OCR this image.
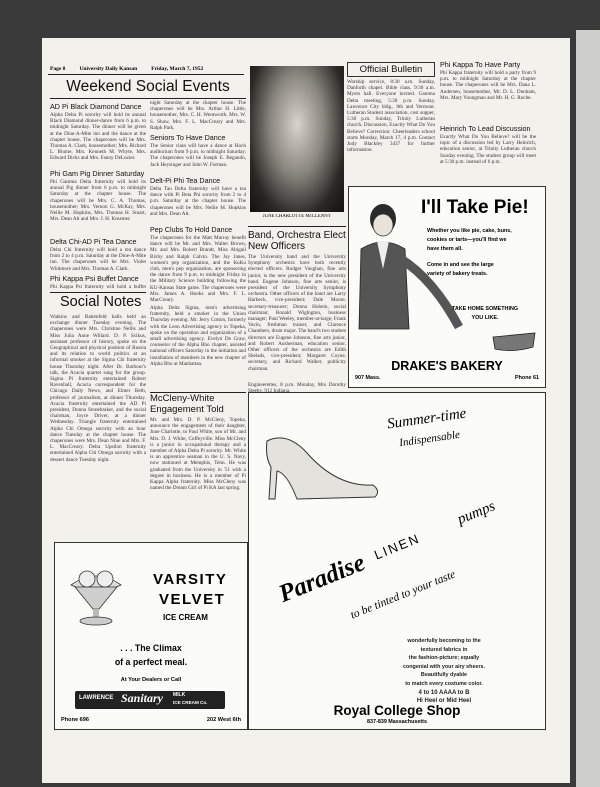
Page 8	University Daily Kansan	Friday, March 7, 1952
Weekend Social Events
AD Pi Black Diamond Dance

Alpha Delta Pi sorority will hold its annual Black Diamond dinner-dance from 6 p.m. to midnight Saturday. The dinner will be given at the Dine-A-Mite inn and the dance at the chapter house. The chaperones will be Mrs. Thomas A. Clark, housemother; Mrs. Richard L. Blume, Mrs. Kenneth M. Whyte, Mrs. Edward Dicks and Mrs. Fanny DeLozier.

Phi Gam Pig Dinner Saturday

Phi Gamma Delta fraternity will hold its annual Pig dinner from 6 p.m. to midnight Saturday at the chapter house. The chaperones will be Mrs. C. A. Thomas, housemother; Mrs. Vernon G. McKay, Mrs. Nellie M. Hopkins, Mrs. Thomas H. Stuart, Mrs. Dean Alt and Mrs. J. H. Kreamer.

Delta Chi-AD Pi Tea Dance

Delta Chi fraternity will hold a tea dance from 2 to 4 p.m. Saturday at the Dine-A-Mite inn. The chaperones will be Mrs. Violet Whitmore and Mrs. Thomas A. Clark.

Phi Kappa Psi Buffet Dance

Phi Kappa Psi fraternity will hold a buffet

Social Notes

Watkins and Battenfeld halls held an exchange dinner Tuesday evening. The chaperones were Mrs. Christine Nellis and Miss Julia Anne Willard. D. P. Scikus, assistant professor of history, spoke on the Geographical and physical position of Russia and its relation to world politics at an informal smoker at the Sigma Chi fraternity house Thursday night. After Dr. Barbour's talk, the Acacia quartet sang for the group. Sigma Pi fraternity entertained Robert Ravenhall, Acacia correspondent for the Chicago Daily News, and Elmer Beth, professor of journalism, at dinner Thursday. Acacia fraternity entertained the AD Pi president, Donna Stonebraker, and the social chairman, Joyce Driver, at a dinner Wednesday. Triangle fraternity entertained Alpha Chi Omega sorority with an hour dance Tuesday at the chapter house. The chaperones were Mrs. Dean Nine and Mrs. F. L. MacCreary. Delta Upsilon fraternity entertained Alpha Chi Omega sorority with a dessert dance Tuesday night.

night Saturday at the chapter house. The chaperones will be Mrs. Arthur H. Little, housemother, Mrs. C. H. Wentworth, Mrs. W. S. Shaw, Mrs. F. L. MacCreary and Mrs. Ralph Park.

Seniors To Have Dance

The Senior class will have a dance at Hoch auditorium from 9 p.m. to midnight Saturday. The chaperones will be Joseph E. Begando, Jack Heysinger and John W. Forman.

Delt-Pi Phi Tea Dance

Delta Tau Delta fraternity will have a tea dance with Pi Beta Phi sorority from 2 to 4 p.m. Saturday at the chapter house. The chaperones will be Mrs. Nellie M. Hopkins and Mrs. Dean Alt.

Pep Clubs To Hold Dance

The chaperones for the Matt Murray benefit dance will be Mr. and Mrs. Walter Brown, Mr. and Mrs. Robert Brandt, Miss Abigail Bixby and Ralph Calvin. The Jay Janes, women's pep organization, and the KuKu club, men's pep organization, are sponsoring the dance from 9 p.m. to midnight Friday in the Military Science building following the KU-Kansas State game. The chaperones were Mrs. James A. Hooks and Mrs. F. L. MacCreary.

Alpha Delta Sigma, men's advertising fraternity, held a smoker in the Union Thursday evening. Mr. Jerry Cotton, formerly with the Leon Advertising agency in Topeka, spoke on the operation and organization of a small advertising agency. Evelyn De Graw, counselor of the Alpha Rho chapter, assisted national officers Saturday in the initiation and installation of members in the new chapter of Alpha Rho at Manhattan.

McCleny-White Engagement Told

Mr. and Mrs. D. P. McCleny, Topeka, announce the engagement of their daughter, June Charlotte, to Paul White, son of Mr. and Mrs. D. J. White, Coffeyville. Miss McCleny is a junior in occupational therapy and a member of Alpha Delta Pi sorority. Mr. White is an apprentice seaman in the U. S. Navy, now stationed at Memphis, Tenn. He was graduated from the University in '51 with a degree in business. He is a member of Pi Kappa Alpha fraternity. Miss McCleny was named the Dream Girl of Pi KA last spring.

JUNE CHARLOTTE McCLENNY
Official Bulletin

Worship service, 8:30 a.m. Sunday, Danforth chapel. Bible class, 9:30 a.m. Myers hall. Everyone invited. Gamma Delta meeting, 5:30 p.m. Sunday, Lawrence City bldg., 8th and Vermont. Lutheran Student association, cost supper, 5:30 p.m. Sunday, Trinity Lutheran church. Discussion, Exactly What Do You Believe? Correction: Cheerleaders school starts Monday, March 17, 4 p.m. Contact Judy Blackley 3437 for further information.

Band, Orchestra Elect New Officers

The University band and the University Symphony orchestra have both recently elected officers. Rodger Vaughan, fine arts junior, is the new president of the University band. Eugene Johnson, fine arts senior, is president of the University Symphony orchestra. Other officers of the band are Larry Harbeck, vice-president; Dale Moore, secretary-treasurer; Donna Hobein, social chairman; Ronald Wiglngton, business manager; Paul Weeley, member-at-large; Frank Vacin, freshman trainer, and Clarence Chambers, drum major. The band's two student directors are Eugene Johnson, fine arts junior, and Robert Ausherman, education senior. Other officers of the orchestra are Edith Shelads, vice-president; Margaret Coyne, secretary, and Richard Walker, publicity chairman.

Engineerettes, 8 p.m. Monday, Mrs Dorothy

Phi Kappa To Have Party

Phi Kappa fraternity will hold a party from 9 p.m. to midnight Saturday at the chapter house. The chaperones will be Mrs. Dana L. Andersen, housemother, Mr. D. L. Dunham, Mrs. Mary Youngman and Mr. H. G. Roche.

Heinrich To Lead Discussion

Exactly What Do You Believe? will be the topic of a discussion led by Larry Heinrich, education senior, at Trinity Lutheran church Sunday evening. The student group will meet at 5:30 p.m. instead of 6 p.m.

I'll Take Pie!
Whether you like pie, cake, buns,
cookies or tarts—you'll find we
have them all.
Come in and see the large
variety of bakery treats.
TAKE HOME SOMETHING
YOU LIKE.
DRAKE'S BAKERY
907 Mass.	Phone 61
VARSITY
VELVET
ICE CREAM
. . . The Climax
of a perfect meal.
At Your Dealers or Call
LAWRENCE Sanitary MILK
ICE CREAM Co.
Phone 696	202 West 6th
Summer-time
Indispensable
Paradise
LINEN
pumps
to be tinted to your taste
wonderfully becoming to the
textured fabrics in
the fashion-picture; equally
congenial with your airy sheers.
Beautifully dyable
to match every costume color.
4 to 10 AAAA to B
Hi Heel or Mid Heel
Royal College Shop
837-839 Massachusetts
